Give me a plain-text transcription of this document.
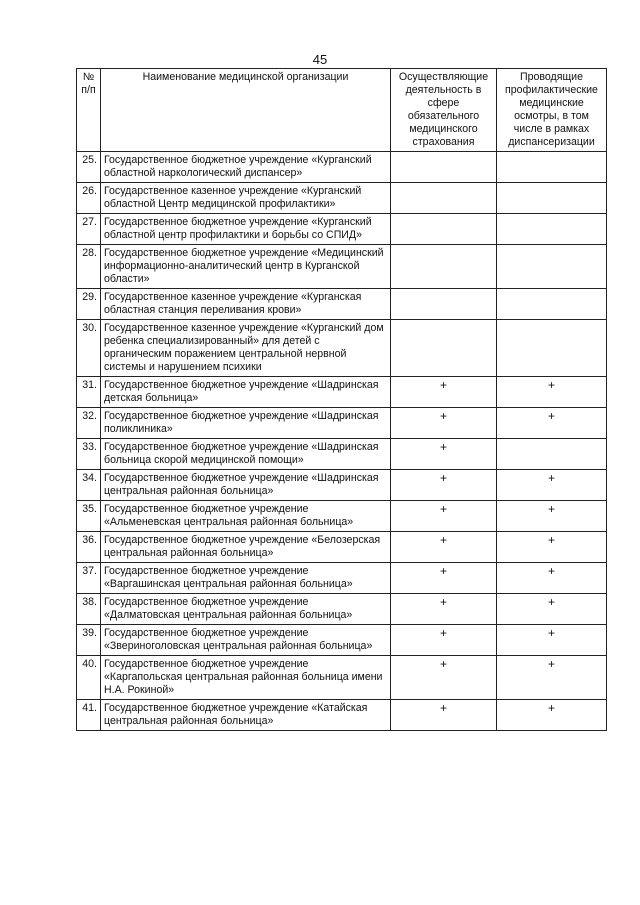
45
№ п/п	Наименование медицинской организации	Осуществляющие деятельность в сфере обязательного медицинского страхования	Проводящие профилактические медицинские осмотры, в том числе в рамках диспансеризации
25.	Государственное бюджетное учреждение «Курганский областной наркологический диспансер»		
26.	Государственное казенное учреждение «Курганский областной Центр медицинской профилактики»		
27.	Государственное бюджетное учреждение «Курганский областной центр профилактики и борьбы со СПИД»		
28.	Государственное бюджетное учреждение «Медицинский информационно-аналитический центр в Курганской области»		
29.	Государственное казенное учреждение «Курганская областная станция переливания крови»		
30.	Государственное казенное учреждение «Курганский дом ребенка специализированный» для детей с органическим поражением центральной нервной системы и нарушением психики		
31.	Государственное бюджетное учреждение «Шадринская детская больница»	+	+
32.	Государственное бюджетное учреждение «Шадринская поликлиника»	+	+
33.	Государственное бюджетное учреждение «Шадринская больница скорой медицинской помощи»	+	
34.	Государственное бюджетное учреждение «Шадринская центральная районная больница»	+	+
35.	Государственное бюджетное учреждение «Альменевская центральная районная больница»	+	+
36.	Государственное бюджетное учреждение «Белозерская центральная районная больница»	+	+
37.	Государственное бюджетное учреждение «Варгашинская центральная районная больница»	+	+
38.	Государственное бюджетное учреждение «Далматовская центральная районная больница»	+	+
39.	Государственное бюджетное учреждение «Звериноголовская центральная районная больница»	+	+
40.	Государственное бюджетное учреждение «Каргапольская центральная районная больница имени Н.А. Рокиной»	+	+
41.	Государственное бюджетное учреждение «Катайская центральная районная больница»	+	+
